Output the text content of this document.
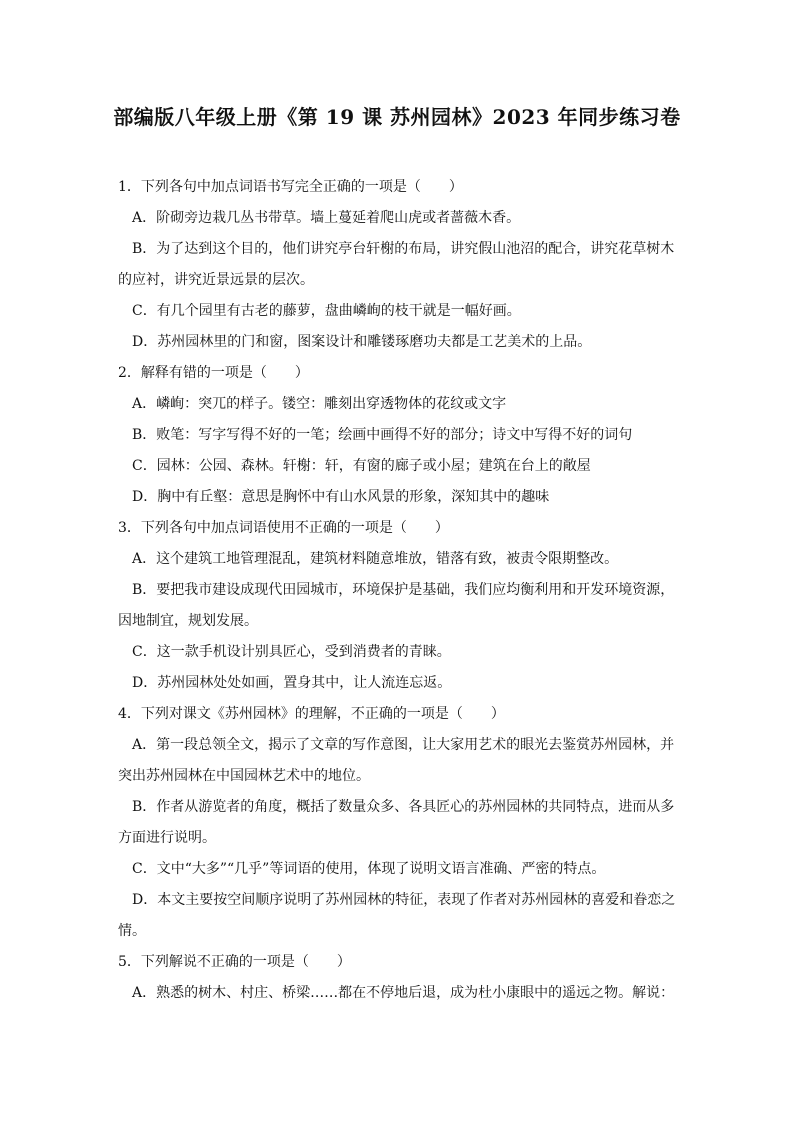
部编版八年级上册《第 19 课 苏州园林》2023 年同步练习卷
1．下列各句中加点词语书写完全正确的一项是（　　）
A．阶砌旁边栽几丛书带草。墙上蔓延着爬山虎或者蔷薇木香。
B．为了达到这个目的，他们讲究亭台轩榭的布局，讲究假山池沼的配合，讲究花草树木
的应衬，讲究近景远景的层次。
C．有几个园里有古老的藤萝，盘曲嶙峋的枝干就是一幅好画。
D．苏州园林里的门和窗，图案设计和雕镂琢磨功夫都是工艺美术的上品。
2．解释有错的一项是（　　）
A．嶙峋：突兀的样子。镂空：雕刻出穿透物体的花纹或文字
B．败笔：写字写得不好的一笔；绘画中画得不好的部分；诗文中写得不好的词句
C．园林：公园、森林。轩榭：轩，有窗的廊子或小屋；建筑在台上的敞屋
D．胸中有丘壑：意思是胸怀中有山水风景的形象，深知其中的趣味
3．下列各句中加点词语使用不正确的一项是（　　）
A．这个建筑工地管理混乱，建筑材料随意堆放，错落有致，被责令限期整改。
B．要把我市建设成现代田园城市，环境保护是基础，我们应均衡利用和开发环境资源，
因地制宜，规划发展。
C．这一款手机设计别具匠心，受到消费者的青睐。
D．苏州园林处处如画，置身其中，让人流连忘返。
4．下列对课文《苏州园林》的理解，不正确的一项是（　　）
A．第一段总领全文，揭示了文章的写作意图，让大家用艺术的眼光去鉴赏苏州园林，并
突出苏州园林在中国园林艺术中的地位。
B．作者从游览者的角度，概括了数量众多、各具匠心的苏州园林的共同特点，进而从多
方面进行说明。
C．文中“大多”“几乎”等词语的使用，体现了说明文语言准确、严密的特点。
D．本文主要按空间顺序说明了苏州园林的特征，表现了作者对苏州园林的喜爱和眷恋之
情。
5．下列解说不正确的一项是（　　）
A．熟悉的树木、村庄、桥梁……都在不停地后退，成为杜小康眼中的遥远之物。解说：
